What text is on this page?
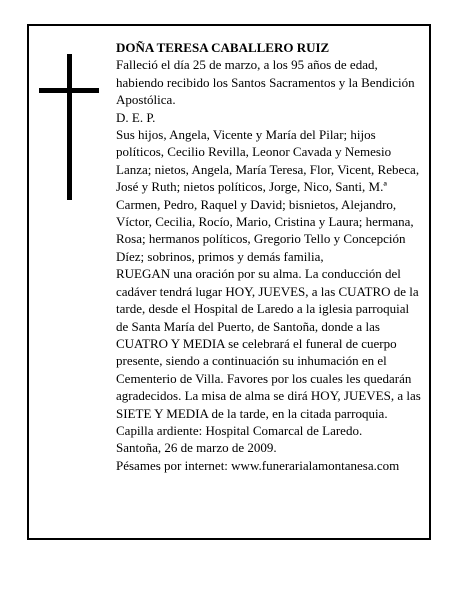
DOÑA TERESA CABALLERO RUIZ

Falleció el día 25 de marzo, a los 95 años de edad, habiendo recibido los Santos Sacramentos y la Bendición Apostólica.

D. E. P.

Sus hijos, Angela, Vicente y María del Pilar; hijos políticos, Cecilio Revilla, Leonor Cavada y Nemesio Lanza; nietos, Angela, María Teresa, Flor, Vicent, Rebeca, José y Ruth; nietos políticos, Jorge, Nico, Santi, M.ª Carmen, Pedro, Raquel y David; bisnietos, Alejandro, Víctor, Cecilia, Rocío, Mario, Cristina y Laura; hermana, Rosa; hermanos políticos, Gregorio Tello y Concepción Díez; sobrinos, primos y demás familia,

RUEGAN una oración por su alma. La conducción del cadáver tendrá lugar HOY, JUEVES, a las CUATRO de la tarde, desde el Hospital de Laredo a la iglesia parroquial de Santa María del Puerto, de Santoña, donde a las CUATRO Y MEDIA se celebrará el funeral de cuerpo presente, siendo a continuación su inhumación en el Cementerio de Villa. Favores por los cuales les quedarán agradecidos. La misa de alma se dirá HOY, JUEVES, a las SIETE Y MEDIA de la tarde, en la citada parroquia. Capilla ardiente: Hospital Comarcal de Laredo.

Santoña, 26 de marzo de 2009.

Pésames por internet: www.funerarialamontanesa.com
